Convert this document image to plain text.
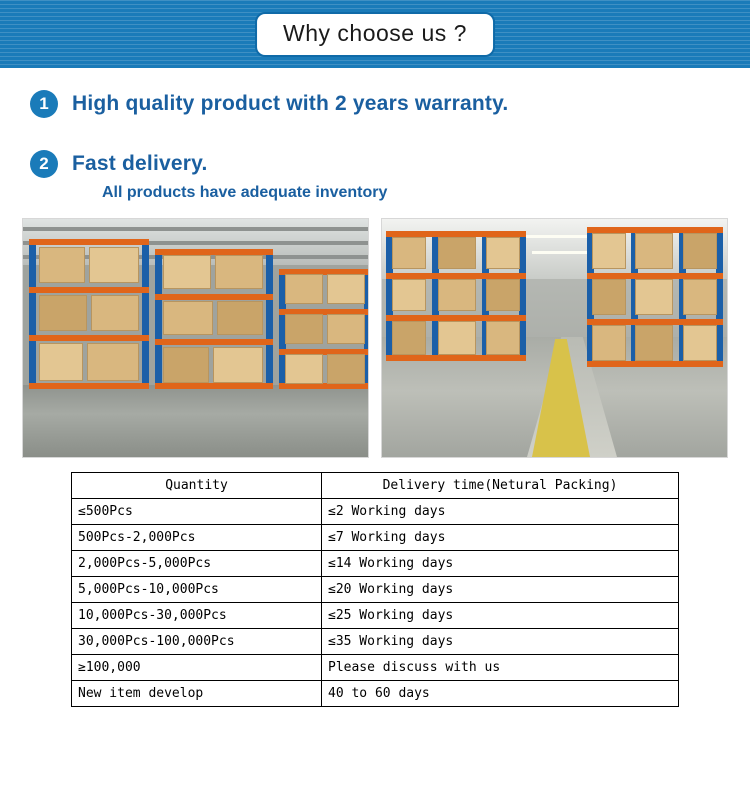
Why choose us ?
1	High quality product with 2 years warranty.
2	Fast delivery.
All products have adequate inventory
Quantity	Delivery time(Netural Packing)
≤500Pcs	≤2 Working days
500Pcs-2,000Pcs	≤7 Working days
2,000Pcs-5,000Pcs	≤14 Working days
5,000Pcs-10,000Pcs	≤20 Working days
10,000Pcs-30,000Pcs	≤25 Working days
30,000Pcs-100,000Pcs	≤35 Working days
≥100,000	Please discuss with us
New item develop	40 to 60 days
